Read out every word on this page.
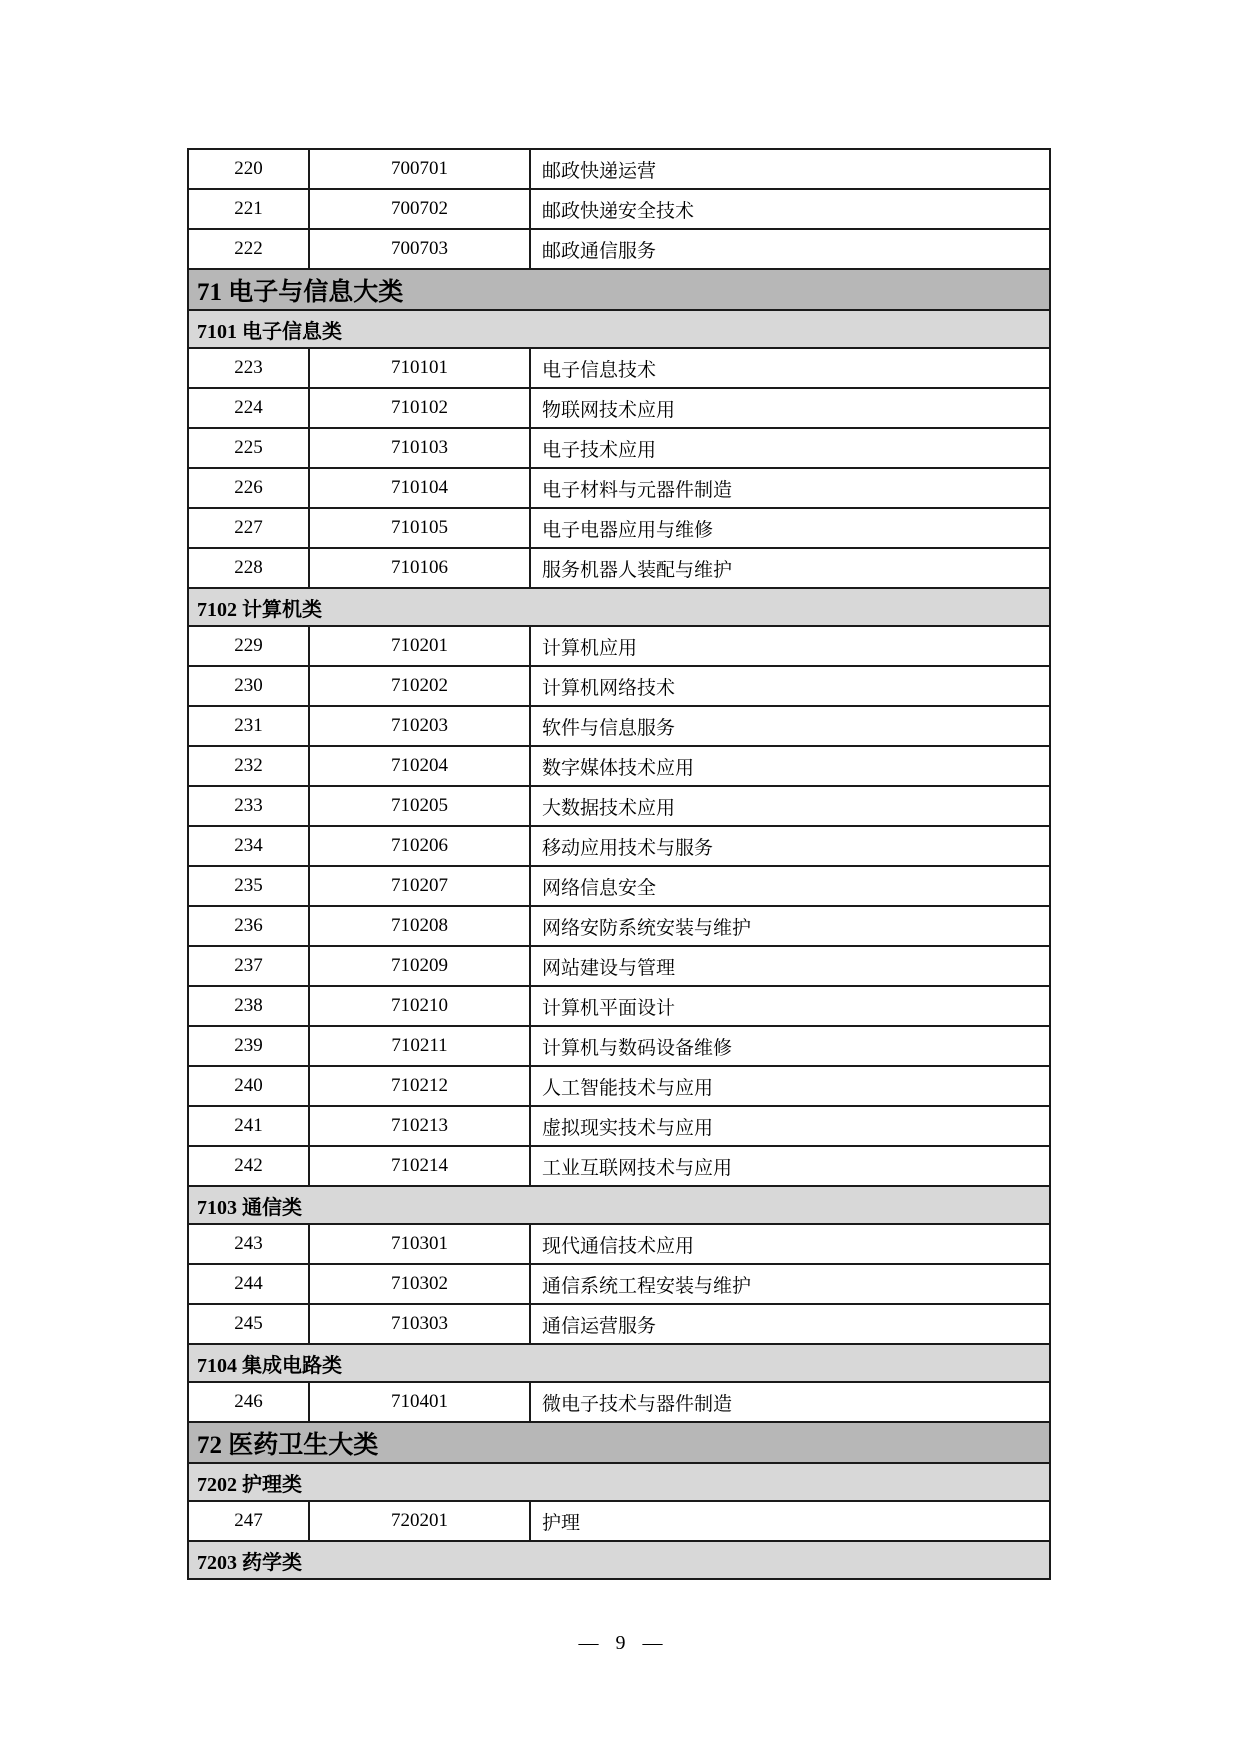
220	700701	邮政快递运营
221	700702	邮政快递安全技术
222	700703	邮政通信服务
71 电子与信息大类		
7101 电子信息类		
223	710101	电子信息技术
224	710102	物联网技术应用
225	710103	电子技术应用
226	710104	电子材料与元器件制造
227	710105	电子电器应用与维修
228	710106	服务机器人装配与维护
7102 计算机类		
229	710201	计算机应用
230	710202	计算机网络技术
231	710203	软件与信息服务
232	710204	数字媒体技术应用
233	710205	大数据技术应用
234	710206	移动应用技术与服务
235	710207	网络信息安全
236	710208	网络安防系统安装与维护
237	710209	网站建设与管理
238	710210	计算机平面设计
239	710211	计算机与数码设备维修
240	710212	人工智能技术与应用
241	710213	虚拟现实技术与应用
242	710214	工业互联网技术与应用
7103 通信类		
243	710301	现代通信技术应用
244	710302	通信系统工程安装与维护
245	710303	通信运营服务
7104 集成电路类		
246	710401	微电子技术与器件制造
72 医药卫生大类		
7202 护理类		
247	720201	护理
7203 药学类		
— 9 —
